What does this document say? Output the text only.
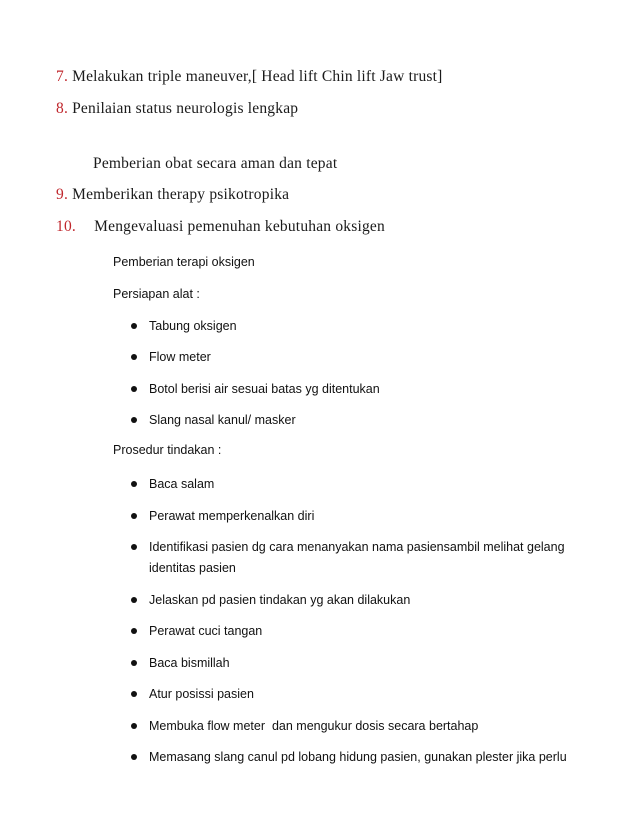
7. Melakukan triple maneuver,[ Head lift Chin lift Jaw trust]
8. Penilaian status neurologis lengkap
Pemberian obat secara aman dan tepat
9. Memberikan therapy psikotropika
10. Mengevaluasi pemenuhan kebutuhan oksigen
Pemberian terapi oksigen
Persiapan alat :
Tabung oksigen
Flow meter
Botol berisi air sesuai batas yg ditentukan
Slang nasal kanul/ masker
Prosedur tindakan :
Baca salam
Perawat memperkenalkan diri
Identifikasi pasien dg cara menanyakan nama pasiensambil melihat gelang
identitas pasien
Jelaskan pd pasien tindakan yg akan dilakukan
Perawat cuci tangan
Baca bismillah
Atur posissi pasien
Membuka flow meter  dan mengukur dosis secara bertahap
Memasang slang canul pd lobang hidung pasien, gunakan plester jika perlu
